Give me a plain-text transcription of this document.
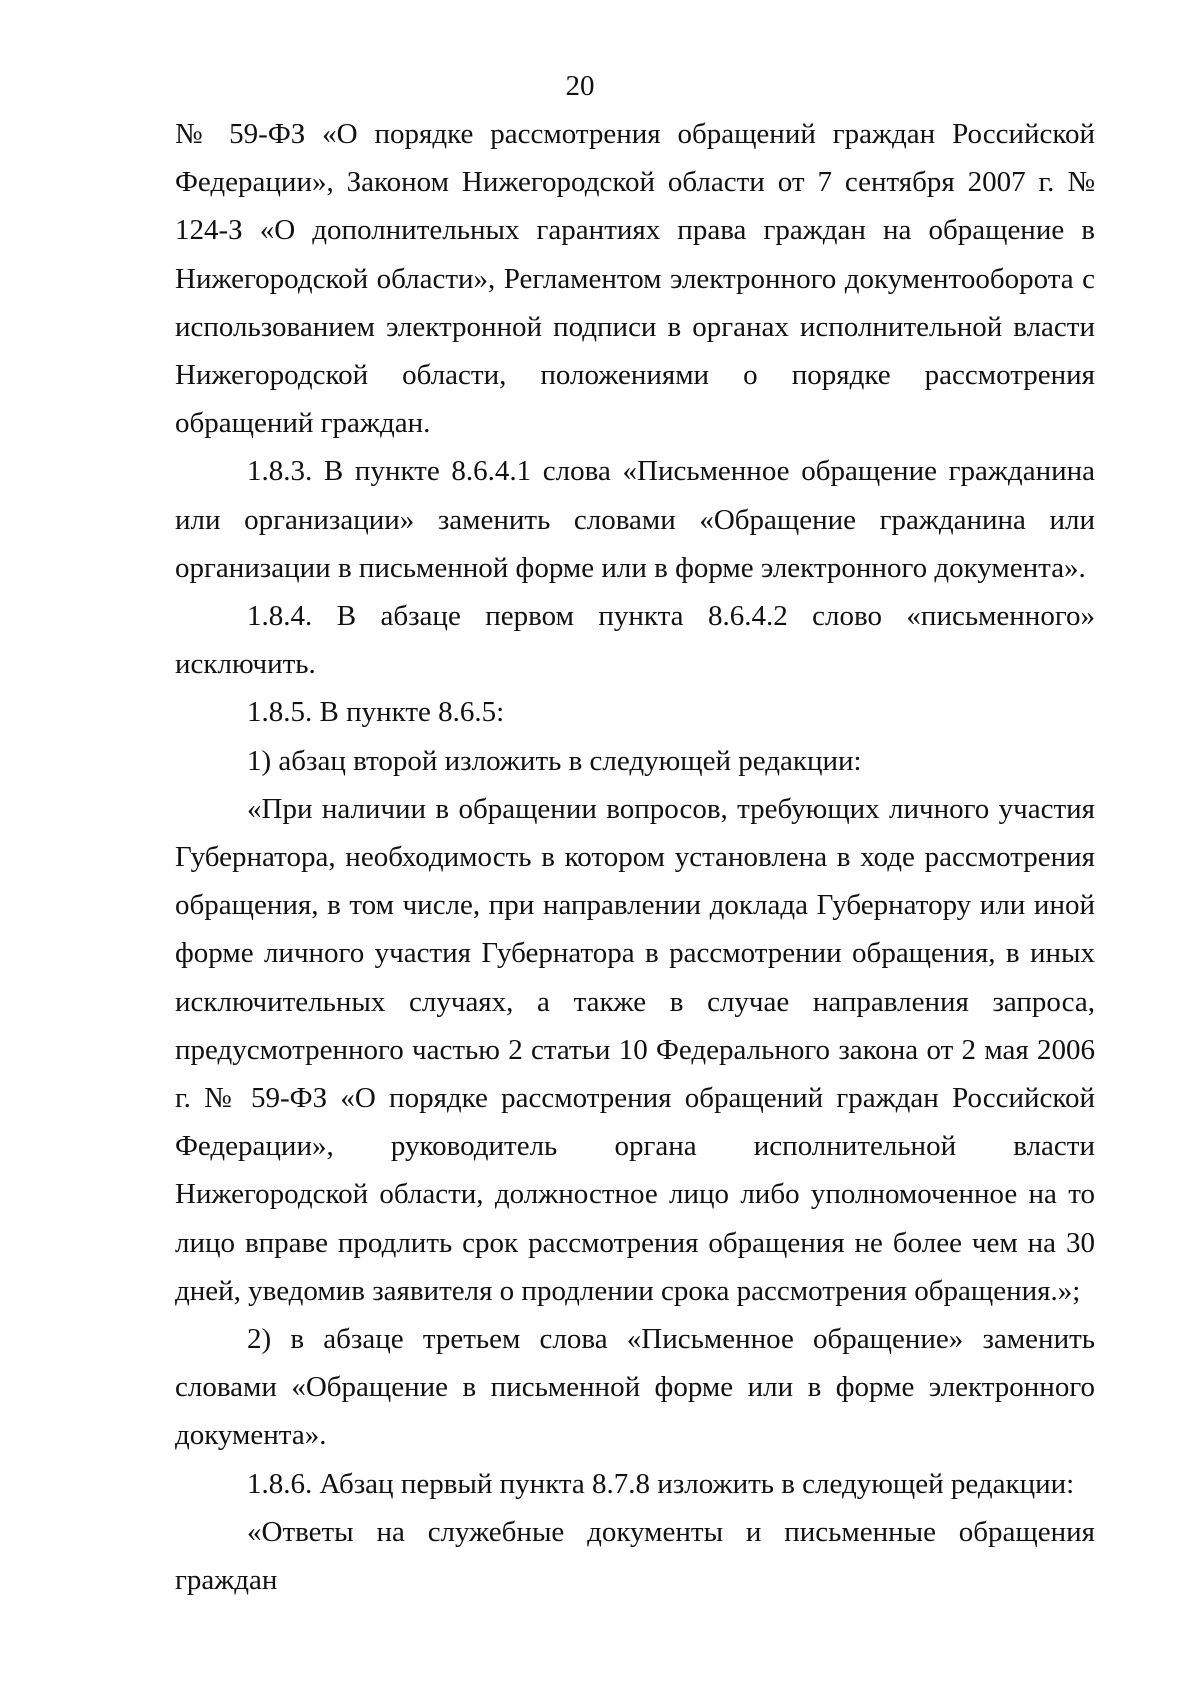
20

№ 59-ФЗ «О порядке рассмотрения обращений граждан Российской Федерации», Законом Нижегородской области от 7 сентября 2007 г. № 124-З «О дополнительных гарантиях права граждан на обращение в Нижегородской области», Регламентом электронного документооборота с использованием электронной подписи в органах исполнительной власти Нижегородской области, положениями о порядке рассмотрения обращений граждан.

1.8.3. В пункте 8.6.4.1 слова «Письменное обращение гражданина или организации» заменить словами «Обращение гражданина или организации в письменной форме или в форме электронного документа».

1.8.4. В абзаце первом пункта 8.6.4.2 слово «письменного» исключить.

1.8.5. В пункте 8.6.5:

1) абзац второй изложить в следующей редакции:

«При наличии в обращении вопросов, требующих личного участия Губернатора, необходимость в котором установлена в ходе рассмотрения обращения, в том числе, при направлении доклада Губернатору или иной форме личного участия Губернатора в рассмотрении обращения, в иных исключительных случаях, а также в случае направления запроса, предусмотренного частью 2 статьи 10 Федерального закона от 2 мая 2006 г. № 59-ФЗ «О порядке рассмотрения обращений граждан Российской Федерации», руководитель органа исполнительной власти Нижегородской области, должностное лицо либо уполномоченное на то лицо вправе продлить срок рассмотрения обращения не более чем на 30 дней, уведомив заявителя о продлении срока рассмотрения обращения.»;

2) в абзаце третьем слова «Письменное обращение» заменить словами «Обращение в письменной форме или в форме электронного документа».

1.8.6. Абзац первый пункта 8.7.8 изложить в следующей редакции:

«Ответы на служебные документы и письменные обращения граждан
